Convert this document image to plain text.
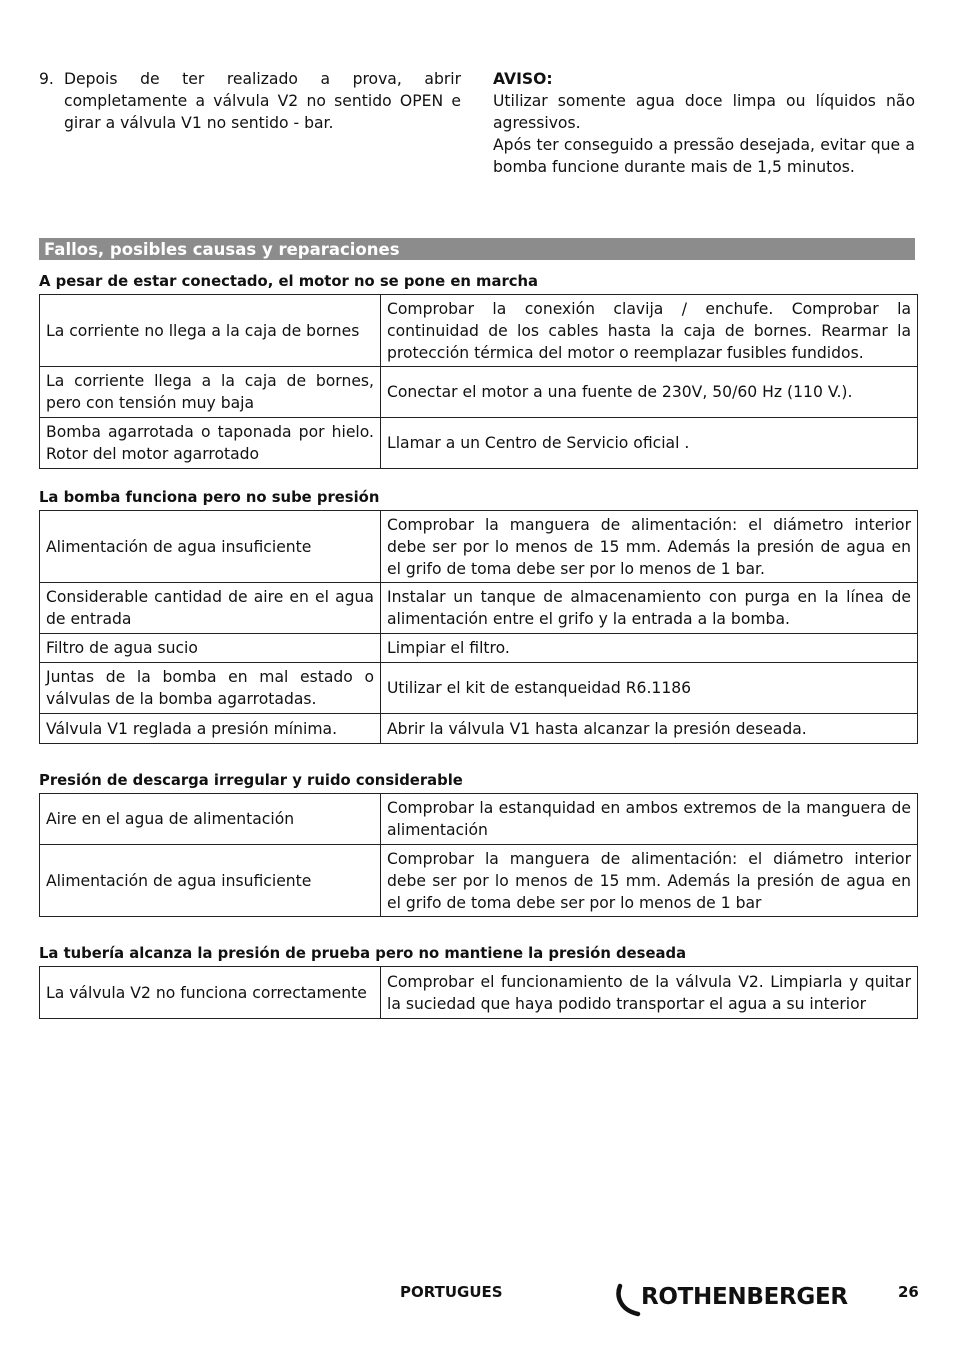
9. Depois de ter realizado a prova, abrir completamente a válvula V2 no sentido OPEN e girar a válvula V1 no sentido - bar.

AVISO:

Utilizar somente agua doce limpa ou líquidos não agressivos.

Após ter conseguido a pressão desejada, evitar que a bomba funcione durante mais de 1,5 minutos.

Fallos, posibles causas y reparaciones
A pesar de estar conectado, el motor no se pone en marcha
La corriente no llega a la caja de bornes	Comprobar la conexión clavija / enchufe. Comprobar la continuidad de los cables hasta la caja de bornes. Rearmar la protección térmica del motor o reemplazar fusibles fundidos.
La corriente llega a la caja de bornes, pero con tensión muy baja	Conectar el motor a una fuente de 230V, 50/60 Hz (110 V.).
Bomba agarrotada o taponada por hielo. Rotor del motor agarrotado	Llamar a un Centro de Servicio oficial .
La bomba funciona pero no sube presión
Alimentación de agua insuficiente	Comprobar la manguera de alimentación: el diámetro interior debe ser por lo menos de 15 mm. Además la presión de agua en el grifo de toma debe ser por lo menos de 1 bar.
Considerable cantidad de aire en el agua de entrada	Instalar un tanque de almacenamiento con purga en la línea de alimentación entre el grifo y la entrada a la bomba.
Filtro de agua sucio	Limpiar el filtro.
Juntas de la bomba en mal estado o válvulas de la bomba agarrotadas.	Utilizar el kit de estanqueidad R6.1186
Válvula V1 reglada a presión mínima.	Abrir la válvula V1 hasta alcanzar la presión deseada.
Presión de descarga irregular y ruido considerable
Aire en el agua de alimentación	Comprobar la estanquidad en ambos extremos de la manguera de alimentación
Alimentación de agua insuficiente	Comprobar la manguera de alimentación: el diámetro interior debe ser por lo menos de 15 mm. Además la presión de agua en el grifo de toma debe ser por lo menos de 1 bar
La tubería alcanza la presión de prueba pero no mantiene la presión deseada
La válvula V2 no funciona correctamente	Comprobar el funcionamiento de la válvula V2. Limpiarla y quitar la suciedad que haya podido transportar el agua a su interior
PORTUGUES	ROTHENBERGER	26
